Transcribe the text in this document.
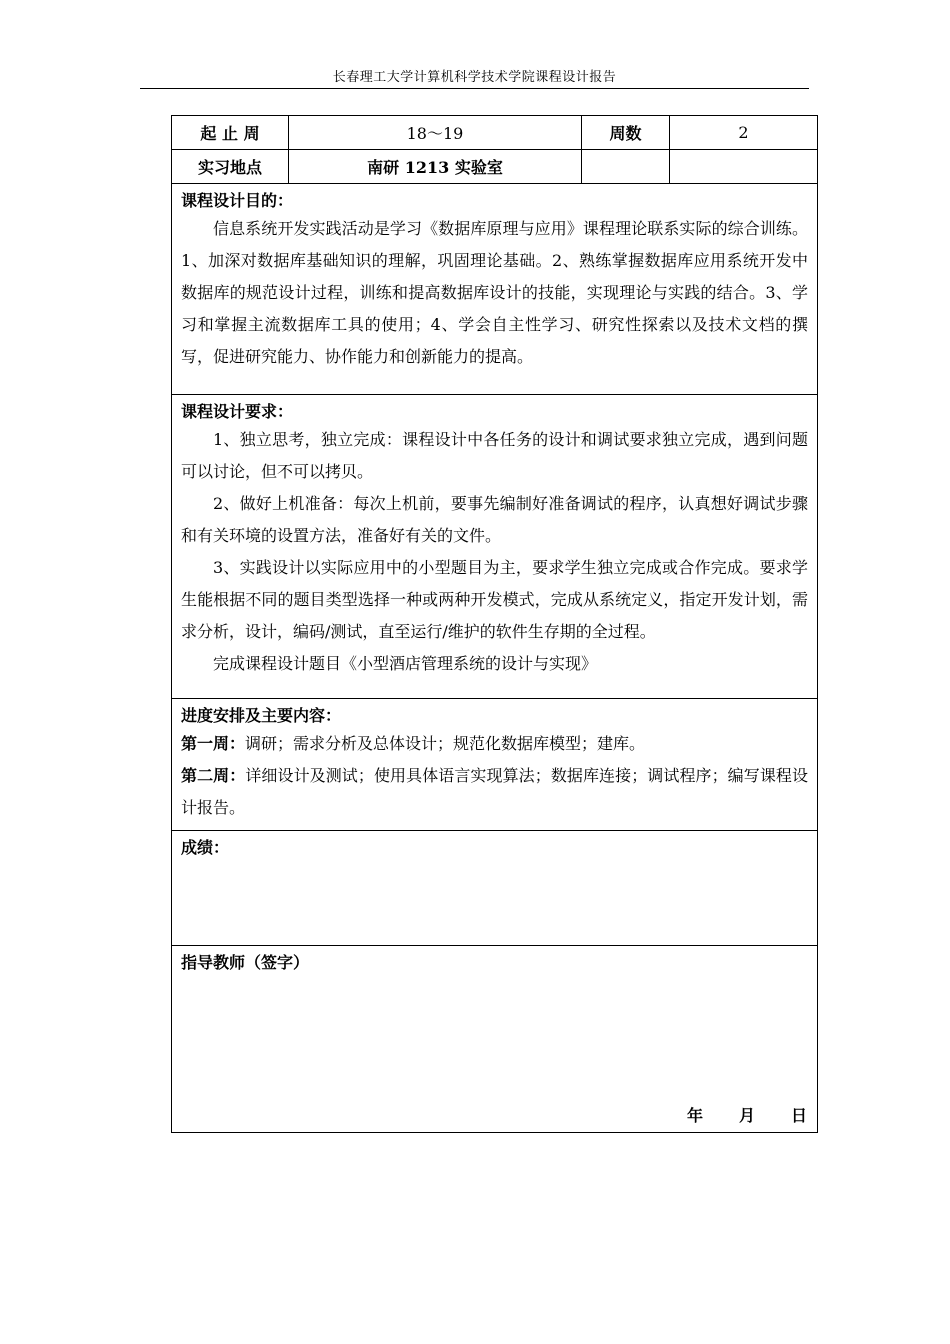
长春理工大学计算机科学技术学院课程设计报告
起 止 周	18～19	周数	2
实习地点	南研 1213 实验室		

课程设计目的：
信息系统开发实践活动是学习《数据库原理与应用》课程理论联系实际的综合训练。1、加深对数据库基础知识的理解，巩固理论基础。2、熟练掌握数据库应用系统开发中数据库的规范设计过程，训练和提高数据库设计的技能，实现理论与实践的结合。3、学习和掌握主流数据库工具的使用；4、学会自主性学习、研究性探索以及技术文档的撰写，促进研究能力、协作能力和创新能力的提高。			

课程设计要求：
1、独立思考，独立完成：课程设计中各任务的设计和调试要求独立完成，遇到问题可以讨论，但不可以拷贝。
2、做好上机准备：每次上机前，要事先编制好准备调试的程序，认真想好调试步骤和有关环境的设置方法，准备好有关的文件。
3、实践设计以实际应用中的小型题目为主，要求学生独立完成或合作完成。要求学生能根据不同的题目类型选择一种或两种开发模式，完成从系统定义，指定开发计划，需求分析，设计，编码/测试，直至运行/维护的软件生存期的全过程。
完成课程设计题目《小型酒店管理系统的设计与实现》			

进度安排及主要内容：
第一周：调研；需求分析及总体设计；规范化数据库模型；建库。
第二周：详细设计及测试；使用具体语言实现算法；数据库连接；调试程序；编写课程设计报告。			

成绩：			

指导教师（签字）
年 月 日			
